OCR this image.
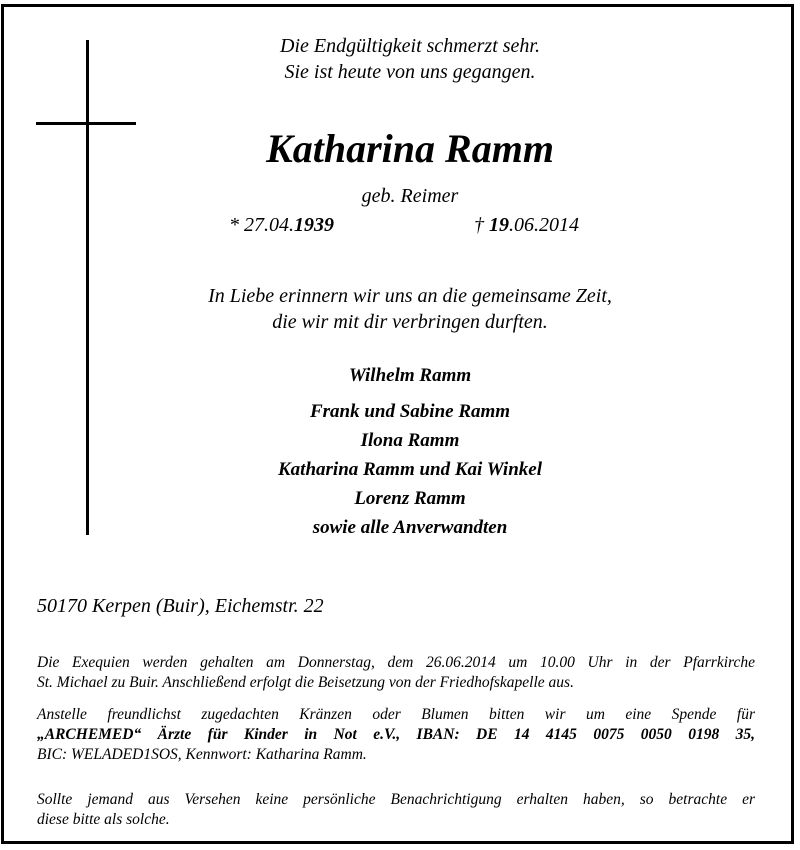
Die Endgültigkeit schmerzt sehr.
Sie ist heute von uns gegangen.
Katharina Ramm
geb. Reimer
* 27.04.1939	† 19.06.2014
In Liebe erinnern wir uns an die gemeinsame Zeit,
die wir mit dir verbringen durften.
Wilhelm Ramm
Frank und Sabine Ramm
Ilona Ramm
Katharina Ramm und Kai Winkel
Lorenz Ramm
sowie alle Anverwandten
50170 Kerpen (Buir), Eichemstr. 22
Die Exequien werden gehalten am Donnerstag, dem 26.06.2014 um 10.00 Uhr in der Pfarrkirche
St. Michael zu Buir. Anschließend erfolgt die Beisetzung von der Friedhofskapelle aus.
Anstelle freundlichst zugedachten Kränzen oder Blumen bitten wir um eine Spende für
„ARCHEMED“ Ärzte für Kinder in Not e.V., IBAN: DE 14 4145 0075 0050 0198 35,
BIC: WELADED1SOS, Kennwort: Katharina Ramm.
Sollte jemand aus Versehen keine persönliche Benachrichtigung erhalten haben, so betrachte er
diese bitte als solche.
